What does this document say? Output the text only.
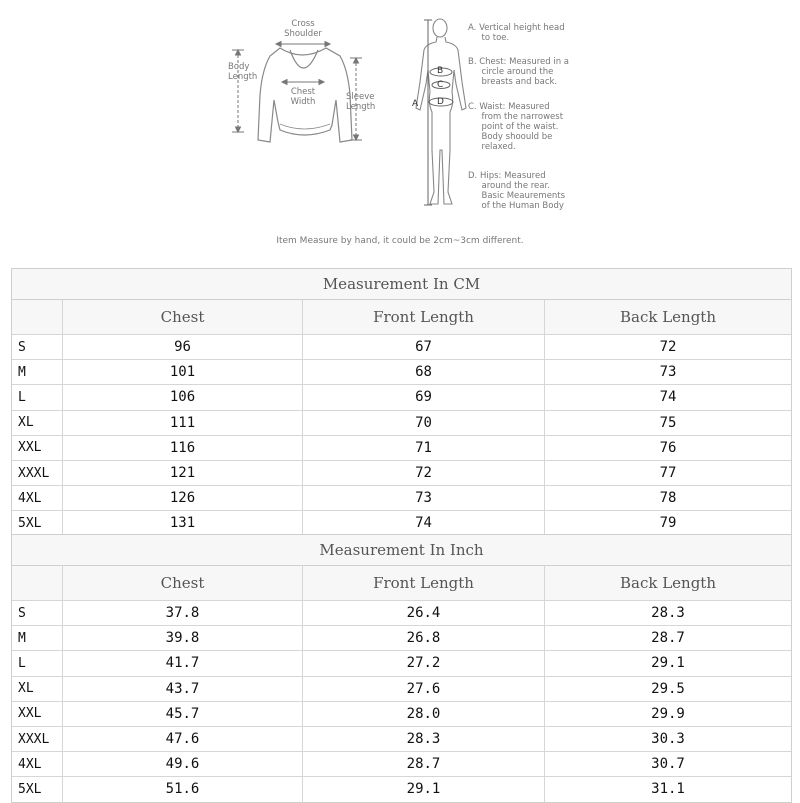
Cross
Shoulder
Body
Length
Chest
Width	Sleeve
Length	A
B
C
D
A. Vertical height head
to toe.
B. Chest: Measured in a
circle around the
breasts and back.
C. Waist: Measured
from the narrowest
point of the waist.
Body shoould be
relaxed.
D. Hips: Measured
around the rear.
Basic Meaurements
of the Human Body
Item Measure by hand, it could be 2cm~3cm different.
Measurement In CM
Chest	Front Length	Back Length
S	96	67	72
M	101	68	73
L	106	69	74
XL	111	70	75
XXL	116	71	76
XXXL	121	72	77
4XL	126	73	78
5XL	131	74	79
Measurement In Inch
Chest	Front Length	Back Length
S	37.8	26.4	28.3
M	39.8	26.8	28.7
L	41.7	27.2	29.1
XL	43.7	27.6	29.5
XXL	45.7	28.0	29.9
XXXL	47.6	28.3	30.3
4XL	49.6	28.7	30.7
5XL	51.6	29.1	31.1
